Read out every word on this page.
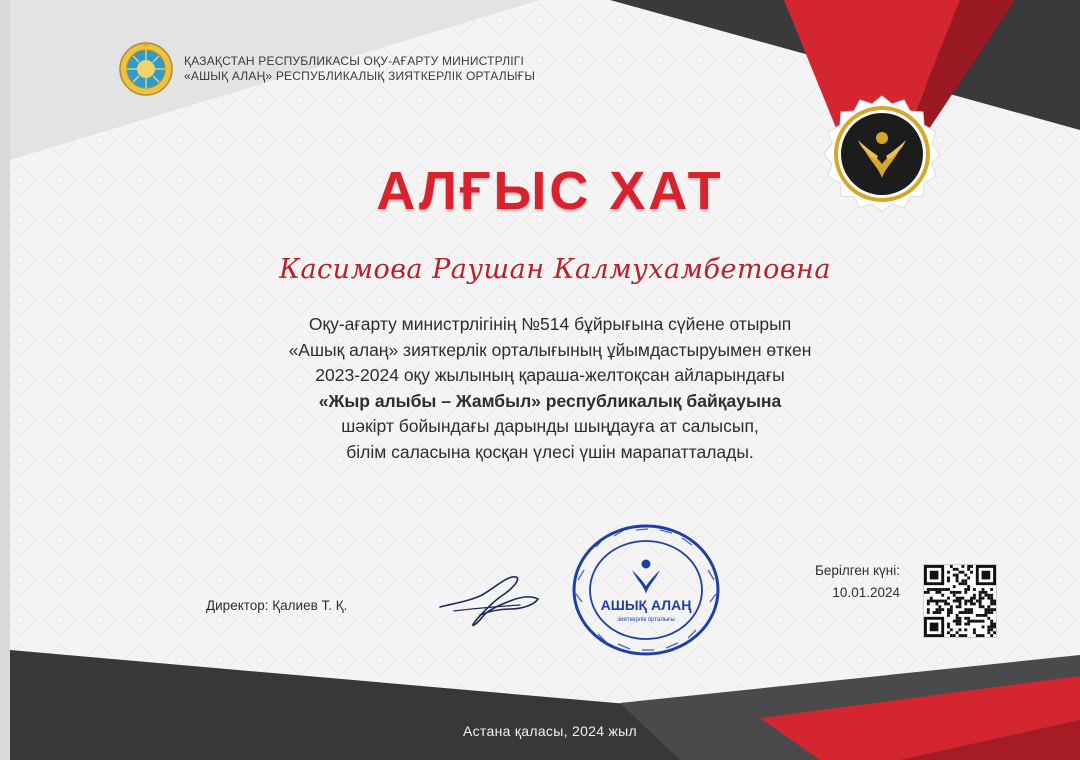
ҚАЗАҚСТАН РЕСПУБЛИКАСЫ ОҚУ-АҒАРТУ МИНИСТРЛІГІ
«АШЫҚ АЛАҢ» РЕСПУБЛИКАЛЫҚ ЗИЯТКЕРЛІК ОРТАЛЫҒЫ
АЛҒЫС ХАТ
Касимова Раушан Калмухамбетовна
Оқу-ағарту министрлігінің №514 бұйрығына сүйене отырып
«Ашық алаң» зияткерлік орталығының ұйымдастыруымен өткен
2023-2024 оқу жылының қараша-желтоқсан айларындағы
«Жыр алыбы – Жамбыл» республикалық байқауына
шәкірт бойындағы дарынды шыңдауға ат салысып,
білім саласына қосқан үлесі үшін марапатталады.
Директор: Қалиев Т. Қ.	АШЫҚ АЛАҢ
зияткерлік орталығы
Берілген күні:
10.01.2024
Астана қаласы, 2024 жыл
